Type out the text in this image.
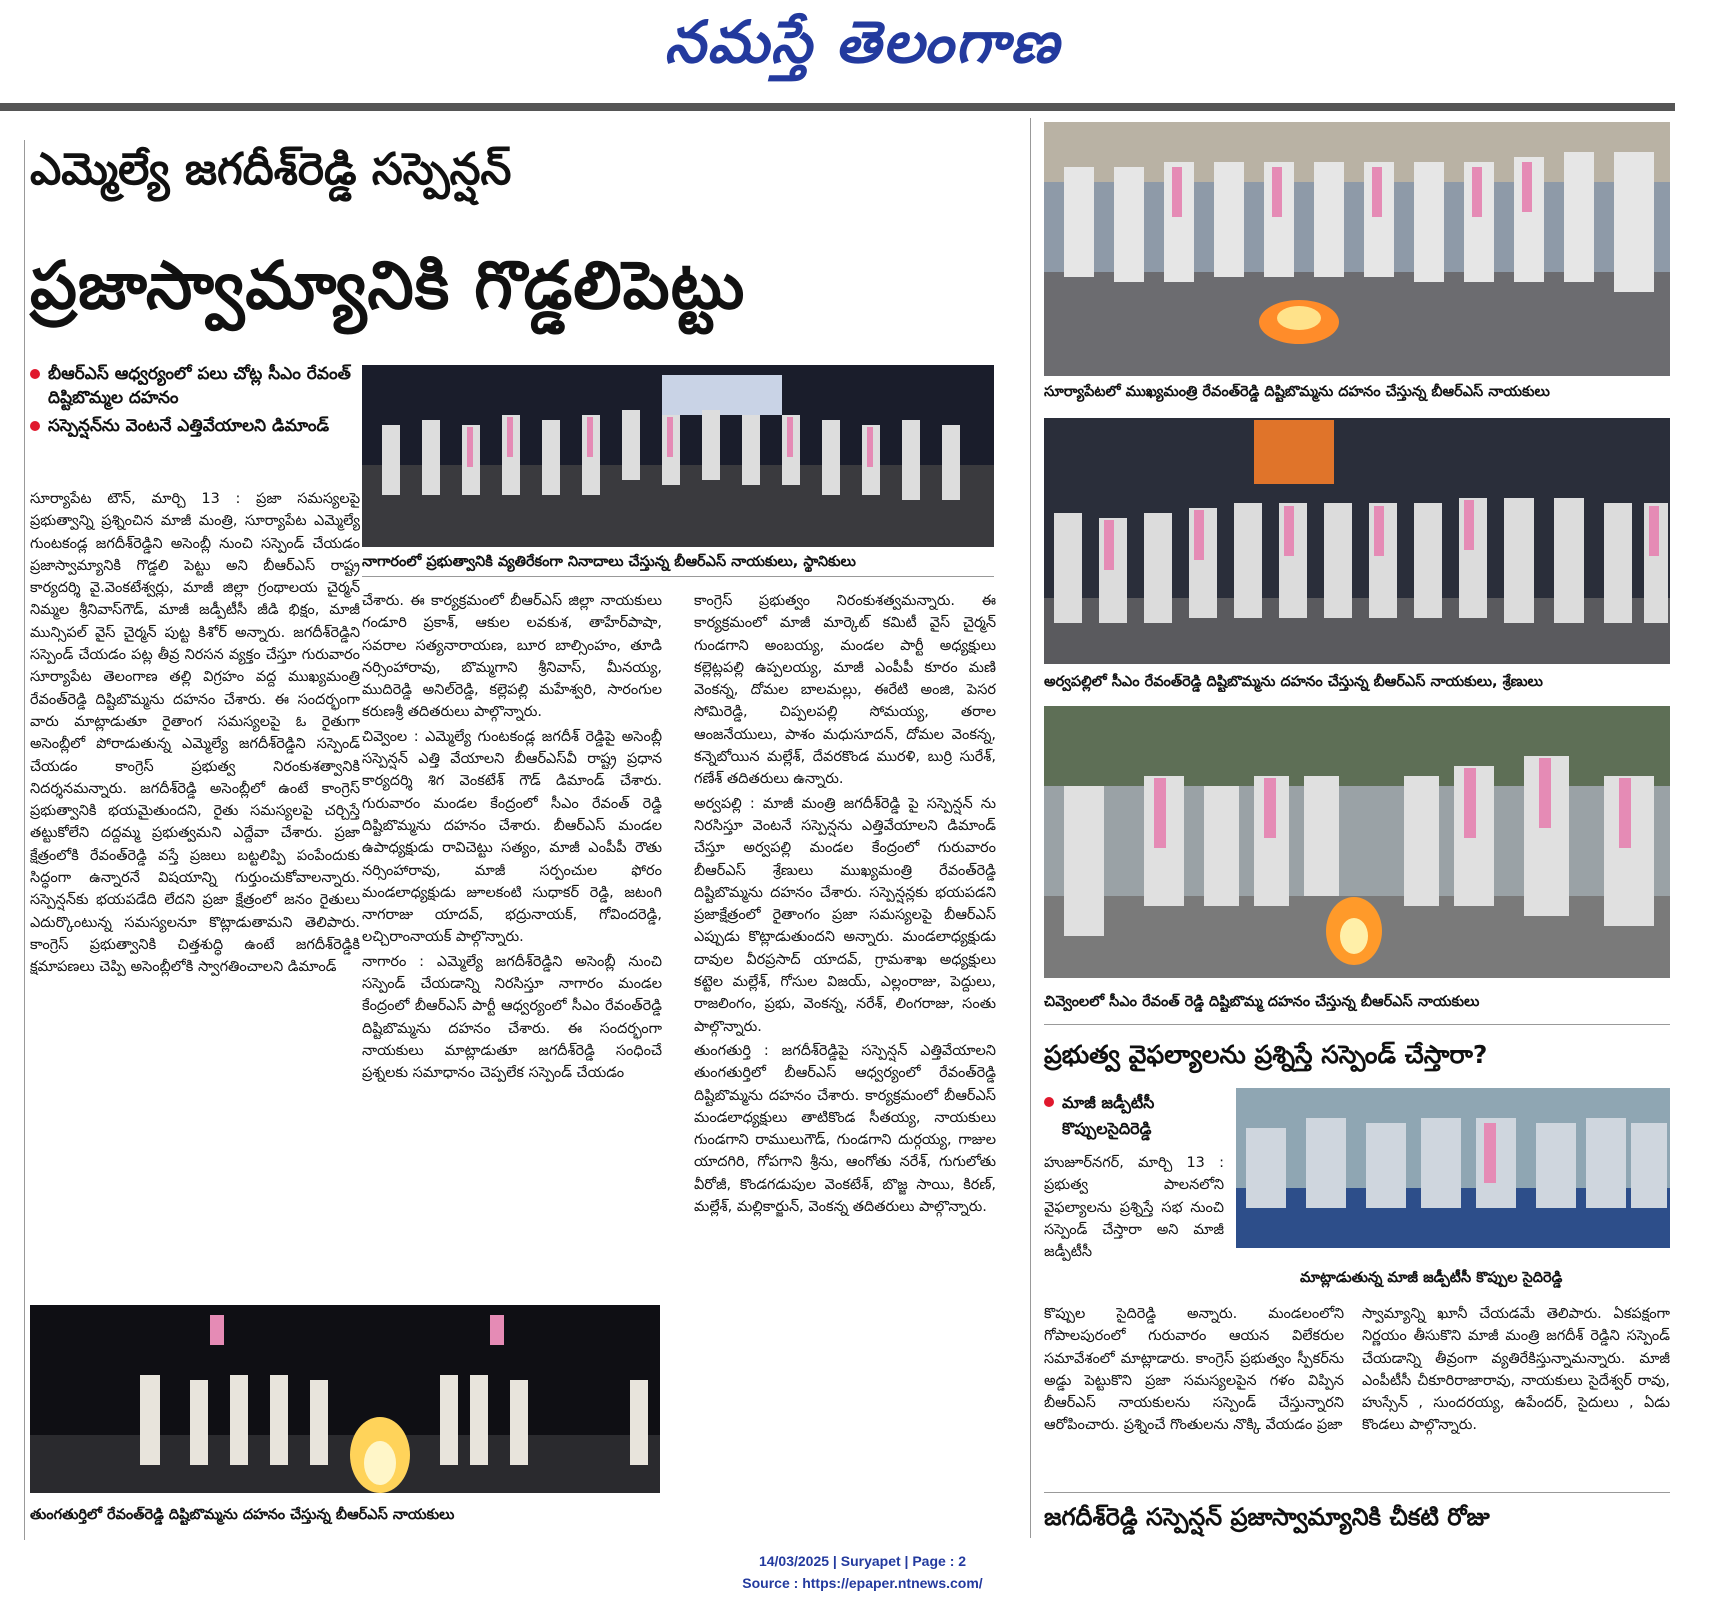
నమస్తే తెలంగాణ
ఎమ్మెల్యే జగదీశ్‌రెడ్డి సస్పెన్షన్
ప్రజాస్వామ్యానికి గొడ్డలిపెట్టు
బీఆర్‌ఎస్ ఆధ్వర్యంలో పలు చోట్ల సీఎం రేవంత్ దిష్టిబొమ్మల దహనం
సస్పెన్షన్‌ను వెంటనే ఎత్తివేయాలని డిమాండ్

సూర్యాపేట టౌన్, మార్చి 13 : ప్రజా సమస్యలపై ప్రభుత్వాన్ని ప్రశ్నించిన మాజీ మంత్రి, సూర్యాపేట ఎమ్మెల్యే గుంటకండ్ల జగదీశ్‌రెడ్డిని అసెంబ్లీ నుంచి సస్పెండ్ చేయడం ప్రజాస్వామ్యానికి గొడ్డలి పెట్టు అని బీఆర్‌ఎస్ రాష్ట్ర కార్యదర్శి వై.వెంకటేశ్వర్లు, మాజీ జిల్లా గ్రంథాలయ చైర్మన్ నిమ్మల శ్రీనివాస్‌గౌడ్, మాజీ జడ్పీటీసీ జీడి భిక్షం, మాజీ మున్సిపల్ వైస్ చైర్మన్ పుట్ట కిశోర్ అన్నారు. జగదీశ్‌రెడ్డిని సస్పెండ్ చేయడం పట్ల తీవ్ర నిరసన వ్యక్తం చేస్తూ గురువారం సూర్యాపేట తెలంగాణ తల్లి విగ్రహం వద్ద ముఖ్యమంత్రి రేవంత్‌రెడ్డి దిష్టిబొమ్మను దహనం చేశారు. ఈ సందర్భంగా వారు మాట్లాడుతూ రైతాంగ సమస్యలపై ఓ రైతుగా అసెంబ్లీలో పోరాడుతున్న ఎమ్మెల్యే జగదీశ్‌రెడ్డిని సస్పెండ్ చేయడం కాంగ్రెస్ ప్రభుత్వ నిరంకుశత్వానికి నిదర్శనమన్నారు. జగదీశ్‌రెడ్డి అసెంబ్లీలో ఉంటే కాంగ్రెస్ ప్రభుత్వానికి భయమైతుందని, రైతు సమస్యలపై చర్చిస్తే తట్టుకోలేని దద్దమ్మ ప్రభుత్వమని ఎద్దేవా చేశారు. ప్రజా క్షేత్రంలోకి రేవంత్‌రెడ్డి వస్తే ప్రజలు బట్టలిప్పి పంపేందుకు సిద్ధంగా ఉన్నారనే విషయాన్ని గుర్తుంచుకోవాలన్నారు. సస్పెన్షన్‌కు భయపడేది లేదని ప్రజా క్షేత్రంలో జనం రైతులు ఎదుర్కొంటున్న సమస్యలనూ కొట్లాడుతామని తెలిపారు. కాంగ్రెస్ ప్రభుత్వానికి చిత్తశుద్ధి ఉంటే జగదీశ్‌రెడ్డికి క్షమాపణలు చెప్పి అసెంబ్లీలోకి స్వాగతించాలని డిమాండ్

నాగారంలో ప్రభుత్వానికి వ్యతిరేకంగా నినాదాలు చేస్తున్న బీఆర్‌ఎస్ నాయకులు, స్థానికులు

చేశారు. ఈ కార్యక్రమంలో బీఆర్‌ఎస్ జిల్లా నాయకులు గండూరి ప్రకాశ్, ఆకుల లవకుశ, తాహేర్‌పాషా, సవరాల సత్యనారాయణ, బూర బాల్సింహం, తూడి నర్సింహారావు, బొమ్మగాని శ్రీనివాస్, మీనయ్య, ముదిరెడ్డి అనిల్‌రెడ్డి, కల్లెపల్లి మహేశ్వరి, సారంగుల కరుణశ్రీ తదితరులు పాల్గొన్నారు.

చివ్వెంల : ఎమ్మెల్యే గుంటకండ్ల జగదీశ్ రెడ్డిపై అసెంబ్లీ సస్పెన్షన్ ఎత్తి వేయాలని బీఆర్‌ఎస్‌వీ రాష్ట్ర ప్రధాన కార్యదర్శి శిగ వెంకటేశ్ గౌడ్ డిమాండ్ చేశారు. గురువారం మండల కేంద్రంలో సీఎం రేవంత్ రెడ్డి దిష్టిబొమ్మను దహనం చేశారు. బీఆర్‌ఎస్ మండల ఉపాధ్యక్షుడు రావిచెట్టు సత్యం, మాజీ ఎంపీపీ రౌతు నర్సింహారావు, మాజీ సర్పంచుల ఫోరం మండలాధ్యక్షుడు జూలకంటి సుధాకర్ రెడ్డి, జటంగి నాగరాజు యాదవ్, భద్రునాయక్, గోవిందరెడ్డి, లచ్చిరాంనాయక్ పాల్గొన్నారు.

నాగారం : ఎమ్మెల్యే జగదీశ్‌రెడ్డిని అసెంబ్లీ నుంచి సస్పెండ్ చేయడాన్ని నిరసిస్తూ నాగారం మండల కేంద్రంలో బీఆర్‌ఎస్ పార్టీ ఆధ్వర్యంలో సీఎం రేవంత్‌రెడ్డి దిష్టిబొమ్మను దహనం చేశారు. ఈ సందర్భంగా నాయకులు మాట్లాడుతూ జగదీశ్‌రెడ్డి సంధించే ప్రశ్నలకు సమాధానం చెప్పలేక సస్పెండ్ చేయడం

కాంగ్రెస్ ప్రభుత్వం నిరంకుశత్వమన్నారు. ఈ కార్యక్రమంలో మాజీ మార్కెట్ కమిటీ వైస్ చైర్మన్ గుండగాని అంబయ్య, మండల పార్టీ అధ్యక్షులు కల్లెట్లపల్లి ఉప్పలయ్య, మాజీ ఎంపీపీ కూరం మణి వెంకన్న, దోమల బాలమల్లు, ఈరేటి అంజి, పెసర సోమిరెడ్డి, చిప్పలపల్లి సోమయ్య, తరాల ఆంజనేయులు, పాశం మధుసూదన్, దోమల వెంకన్న, కన్నెబోయిన మల్లేశ్, దేవరకొండ మురళి, బుర్రి సురేశ్, గణేశ్ తదితరులు ఉన్నారు.

అర్వపల్లి : మాజీ మంత్రి జగదీశ్‌రెడ్డి పై సస్పెన్షన్ ను నిరసిస్తూ వెంటనే సస్పెన్షను ఎత్తివేయాలని డిమాండ్ చేస్తూ అర్వపల్లి మండల కేంద్రంలో గురువారం బీఆర్‌ఎస్ శ్రేణులు ముఖ్యమంత్రి రేవంత్‌రెడ్డి దిష్టిబొమ్మను దహనం చేశారు. సస్పెన్షన్లకు భయపడని ప్రజాక్షేత్రంలో రైతాంగం ప్రజా సమస్యలపై బీఆర్‌ఎస్ ఎప్పుడు కొట్లాడుతుందని అన్నారు. మండలాధ్యక్షుడు దావుల వీరప్రసాద్ యాదవ్, గ్రామశాఖ అధ్యక్షులు కట్టెల మల్లేశ్, గోసుల విజయ్, ఎల్లంరాజు, పెద్దులు, రాజలింగం, ప్రభు, వెంకన్న, నరేశ్, లింగరాజు, సంతు పాల్గొన్నారు.

తుంగతుర్తి : జగదీశ్‌రెడ్డిపై సస్పెన్షన్ ఎత్తివేయాలని తుంగతుర్తిలో బీఆర్‌ఎస్ ఆధ్వర్యంలో రేవంత్‌రెడ్డి దిష్టిబొమ్మను దహనం చేశారు. కార్యక్రమంలో బీఆర్‌ఎస్ మండలాధ్యక్షులు తాటికొండ సీతయ్య, నాయకులు గుండగాని రాములుగౌడ్, గుండగాని దుర్గయ్య, గాజుల యాదగిరి, గోపగాని శ్రీను, ఆంగోతు నరేశ్, గుగులోతు వీరోజీ, కొండగడుపుల వెంకటేశ్, బొజ్జ సాయి, కిరణ్, మల్లేశ్, మల్లికార్జున్, వెంకన్న తదితరులు పాల్గొన్నారు.

తుంగతుర్తిలో రేవంత్‌రెడ్డి దిష్టిబొమ్మను దహనం చేస్తున్న బీఆర్‌ఎస్ నాయకులు
సూర్యాపేటలో ముఖ్యమంత్రి రేవంత్‌రెడ్డి దిష్టిబొమ్మను దహనం చేస్తున్న బీఆర్‌ఎస్ నాయకులు
అర్వపల్లిలో సీఎం రేవంత్‌రెడ్డి దిష్టిబొమ్మను దహనం చేస్తున్న బీఆర్‌ఎస్ నాయకులు, శ్రేణులు
చివ్వెంలలో సీఎం రేవంత్ రెడ్డి దిష్టిబొమ్మ దహనం చేస్తున్న బీఆర్‌ఎస్ నాయకులు
ప్రభుత్వ వైఫల్యాలను ప్రశ్నిస్తే సస్పెండ్ చేస్తారా?
మాజీ జడ్పీటీసీ కొప్పులసైదిరెడ్డి

హుజూర్‌నగర్, మార్చి 13 : ప్రభుత్వ పాలనలోని వైఫల్యాలను ప్రశ్నిస్తే సభ నుంచి సస్పెండ్ చేస్తారా అని మాజీ జడ్పీటీసీ

మాట్లాడుతున్న మాజీ జడ్పీటీసీ కొప్పుల సైదిరెడ్డి

కొప్పుల సైదిరెడ్డి అన్నారు. మండలంలోని గోపాలపురంలో గురువారం ఆయన విలేకరుల సమావేశంలో మాట్లాడారు. కాంగ్రెస్ ప్రభుత్వం స్పీకర్‌ను అడ్డు పెట్టుకొని ప్రజా సమస్యలపైన గళం విప్పిన బీఆర్‌ఎస్ నాయకులను సస్పెండ్ చేస్తున్నారని ఆరోపించారు. ప్రశ్నించే గొంతులను నొక్కి వేయడం ప్రజా

స్వామ్యాన్ని ఖూనీ చేయడమే తెలిపారు. ఏకపక్షంగా నిర్ణయం తీసుకొని మాజీ మంత్రి జగదీశ్ రెడ్డిని సస్పెండ్ చేయడాన్ని తీవ్రంగా వ్యతిరేకిస్తున్నామన్నారు. మాజీ ఎంపీటీసీ చీకూరిరాజారావు, నాయకులు సైదేశ్వర్ రావు, హుస్సేన్ , సుందరయ్య, ఉపేందర్, సైదులు , ఏడు కొండలు పాల్గొన్నారు.

జగదీశ్‌రెడ్డి సస్పెన్షన్ ప్రజాస్వామ్యానికి చీకటి రోజు
14/03/2025 | Suryapet | Page : 2
Source : https://epaper.ntnews.com/
